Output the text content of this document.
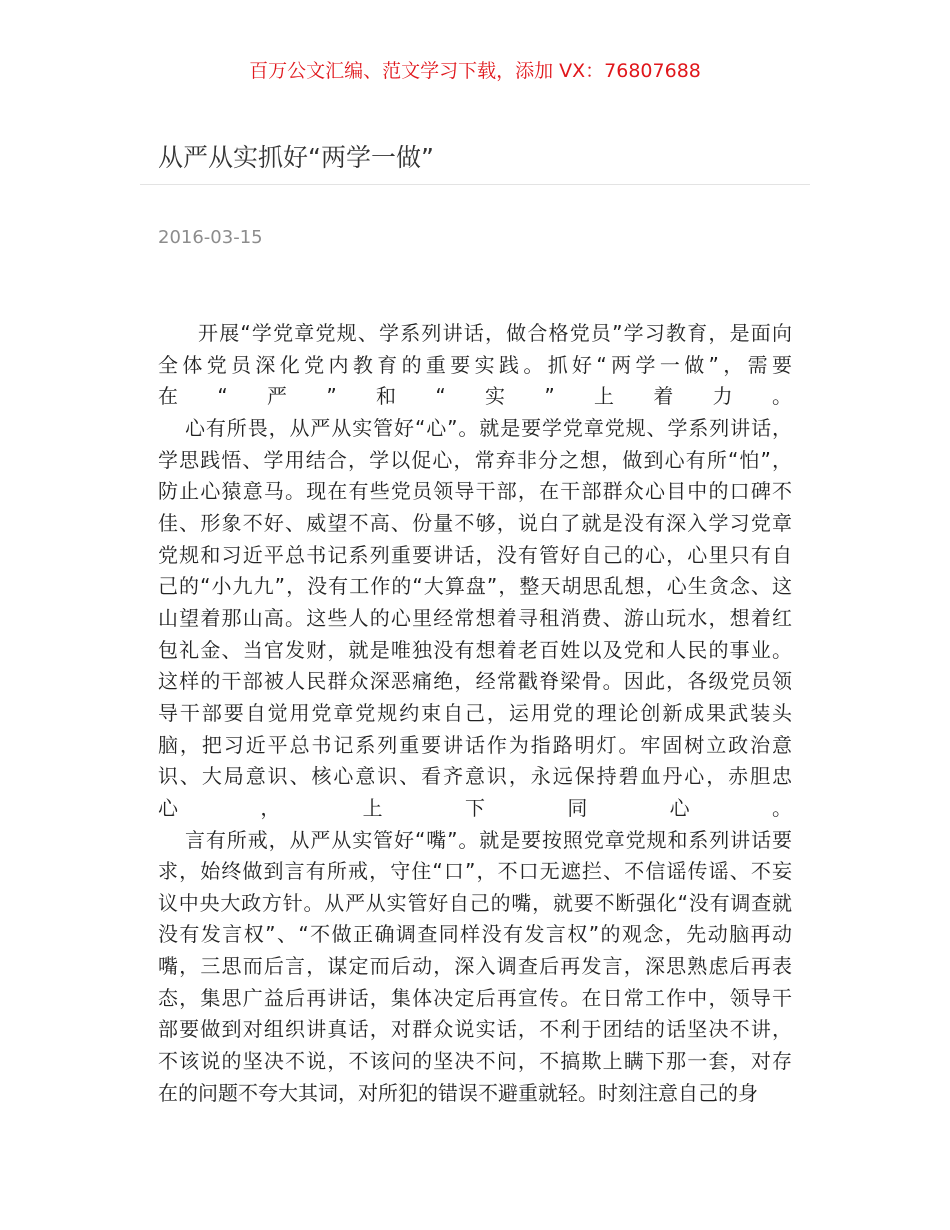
百万公文汇编、范文学习下载，添加 VX：76807688
从严从实抓好“两学一做”
2016-03-15
开展“学党章党规、学系列讲话，做合格党员”学习教育，是面向
全体党员深化党内教育的重要实践。抓好“两学一做”，需要
在“严”和“实”上着力。
心有所畏，从严从实管好“心”。就是要学党章党规、学系列讲话，
学思践悟、学用结合，学以促心，常弃非分之想，做到心有所“怕”，
防止心猿意马。现在有些党员领导干部，在干部群众心目中的口碑不
佳、形象不好、威望不高、份量不够，说白了就是没有深入学习党章
党规和习近平总书记系列重要讲话，没有管好自己的心，心里只有自
己的“小九九”，没有工作的“大算盘”，整天胡思乱想，心生贪念、这
山望着那山高。这些人的心里经常想着寻租消费、游山玩水，想着红
包礼金、当官发财，就是唯独没有想着老百姓以及党和人民的事业。
这样的干部被人民群众深恶痛绝，经常戳脊梁骨。因此，各级党员领
导干部要自觉用党章党规约束自己，运用党的理论创新成果武装头
脑，把习近平总书记系列重要讲话作为指路明灯。牢固树立政治意
识、大局意识、核心意识、看齐意识，永远保持碧血丹心，赤胆忠
心，上下同心。
言有所戒，从严从实管好“嘴”。就是要按照党章党规和系列讲话要
求，始终做到言有所戒，守住“口”，不口无遮拦、不信谣传谣、不妄
议中央大政方针。从严从实管好自己的嘴，就要不断强化“没有调查就
没有发言权”、“不做正确调查同样没有发言权”的观念，先动脑再动
嘴，三思而后言，谋定而后动，深入调查后再发言，深思熟虑后再表
态，集思广益后再讲话，集体决定后再宣传。在日常工作中，领导干
部要做到对组织讲真话，对群众说实话，不利于团结的话坚决不讲，
不该说的坚决不说，不该问的坚决不问，不搞欺上瞒下那一套，对存
在的问题不夸大其词，对所犯的错误不避重就轻。时刻注意自己的身
